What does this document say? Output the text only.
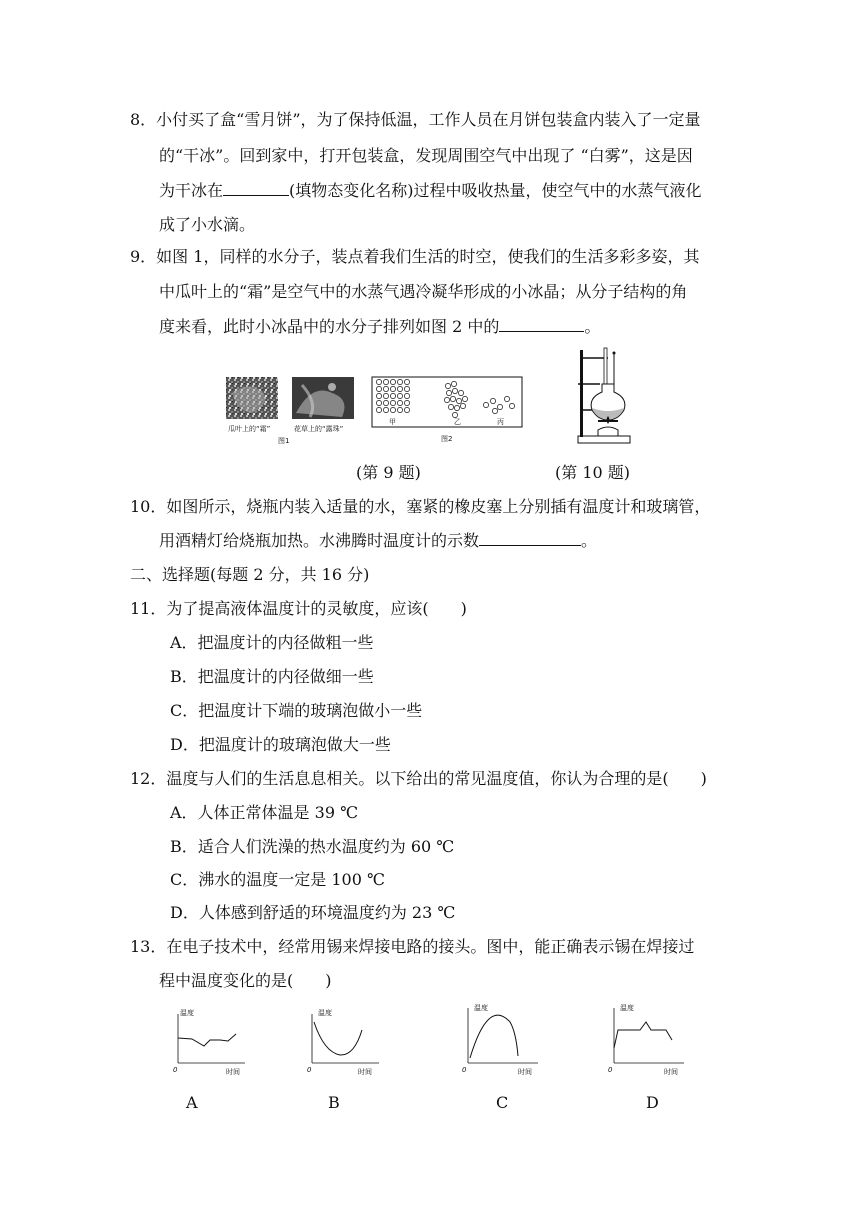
8．小付买了盒“雪月饼”，为了保持低温，工作人员在月饼包装盒内装入了一定量
的“干冰”。回到家中，打开包装盒，发现周围空气中出现了 “白雾”，这是因
为干冰在	(填物态变化名称)过程中吸收热量，使空气中的水蒸气液化
成了小水滴。
9．如图 1，同样的水分子，装点着我们生活的时空，使我们的生活多彩多姿，其
中瓜叶上的“霜”是空气中的水蒸气遇冷凝华形成的小冰晶；从分子结构的角
度来看，此时小冰晶中的水分子排列如图 2 中的	。
瓜叶上的“霜”	花草上的“露珠”
图1
甲	乙	丙
图2
(第 9 题)	(第 10 题)
10．如图所示，烧瓶内装入适量的水，塞紧的橡皮塞上分别插有温度计和玻璃管，
用酒精灯给烧瓶加热。水沸腾时温度计的示数	。
二、选择题(每题 2 分，共 16 分)
11．为了提高液体温度计的灵敏度，应该(　　)
A．把温度计的内径做粗一些
B．把温度计的内径做细一些
C．把温度计下端的玻璃泡做小一些
D．把温度计的玻璃泡做大一些
12．温度与人们的生活息息相关。以下给出的常见温度值，你认为合理的是(　　)
A．人体正常体温是 39 ℃
B．适合人们洗澡的热水温度约为 60 ℃
C．沸水的温度一定是 100 ℃
D．人体感到舒适的环境温度约为 23 ℃
13．在电子技术中，经常用锡来焊接电路的接头。图中，能正确表示锡在焊接过
程中温度变化的是(　　)
温度
0	时间
温度
0	时间
温度
0	时间
温度
0	时间
A	B	C	D
